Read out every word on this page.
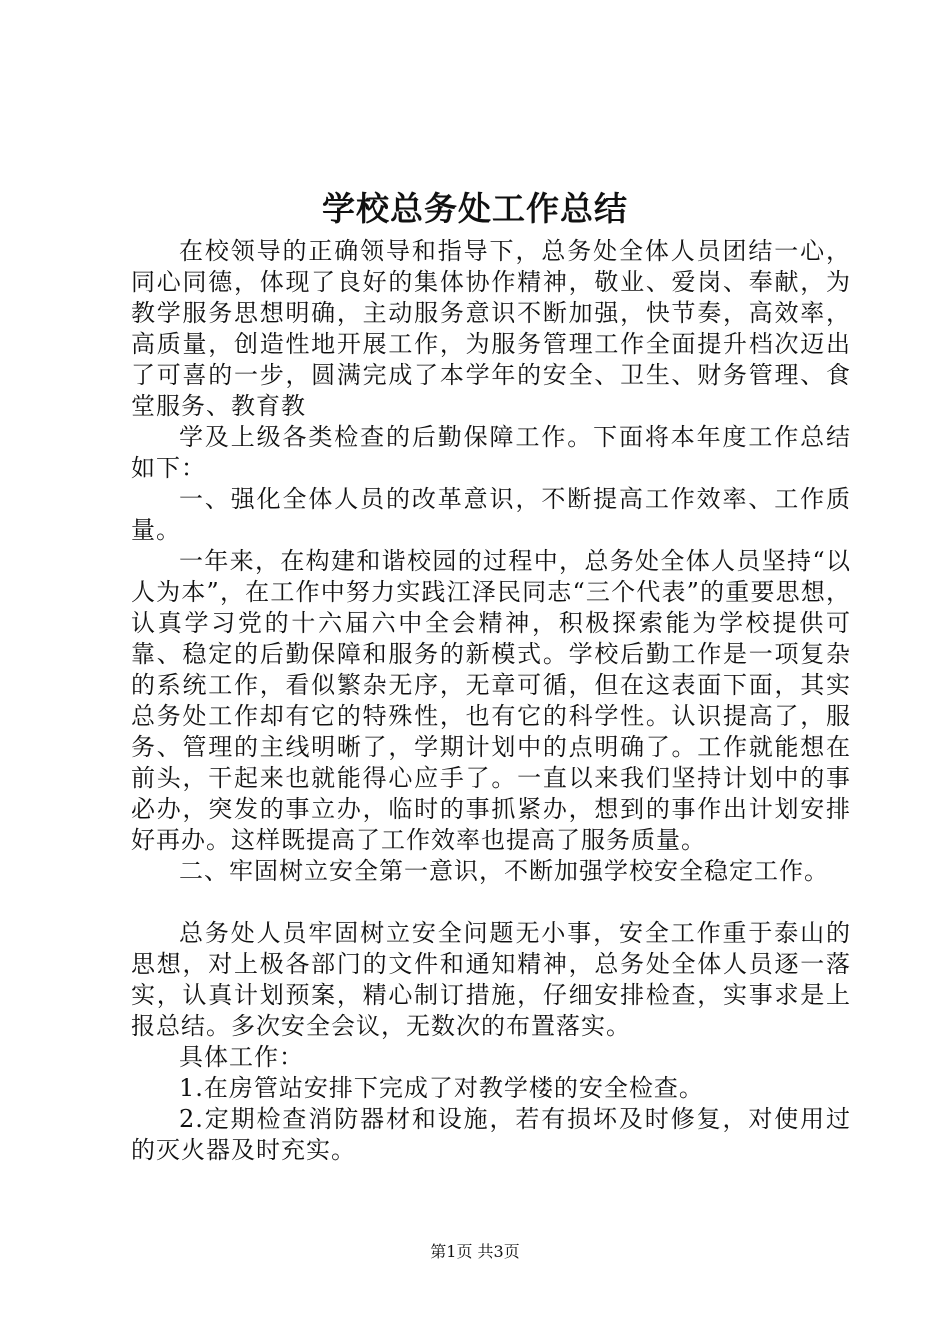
学校总务处工作总结

在校领导的正确领导和指导下，总务处全体人员团结一心，同心同德，体现了良好的集体协作精神，敬业、爱岗、奉献，为教学服务思想明确，主动服务意识不断加强，快节奏，高效率，高质量，创造性地开展工作，为服务管理工作全面提升档次迈出了可喜的一步，圆满完成了本学年的安全、卫生、财务管理、食堂服务、教育教

学及上级各类检查的后勤保障工作。下面将本年度工作总结如下：

一、强化全体人员的改革意识，不断提高工作效率、工作质量。

一年来，在构建和谐校园的过程中，总务处全体人员坚持“以人为本”，在工作中努力实践江泽民同志“三个代表”的重要思想，认真学习党的十六届六中全会精神，积极探索能为学校提供可靠、稳定的后勤保障和服务的新模式。学校后勤工作是一项复杂的系统工作，看似繁杂无序，无章可循，但在这表面下面，其实总务处工作却有它的特殊性，也有它的科学性。认识提高了，服务、管理的主线明晰了，学期计划中的点明确了。工作就能想在前头，干起来也就能得心应手了。一直以来我们坚持计划中的事必办，突发的事立办，临时的事抓紧办，想到的事作出计划安排好再办。这样既提高了工作效率也提高了服务质量。

二、牢固树立安全第一意识，不断加强学校安全稳定工作。

总务处人员牢固树立安全问题无小事，安全工作重于泰山的思想，对上极各部门的文件和通知精神，总务处全体人员逐一落实，认真计划预案，精心制订措施，仔细安排检查，实事求是上报总结。多次安全会议，无数次的布置落实。

具体工作：

1.在房管站安排下完成了对教学楼的安全检查。

2.定期检查消防器材和设施，若有损坏及时修复，对使用过的灭火器及时充实。

第1页 共3页
